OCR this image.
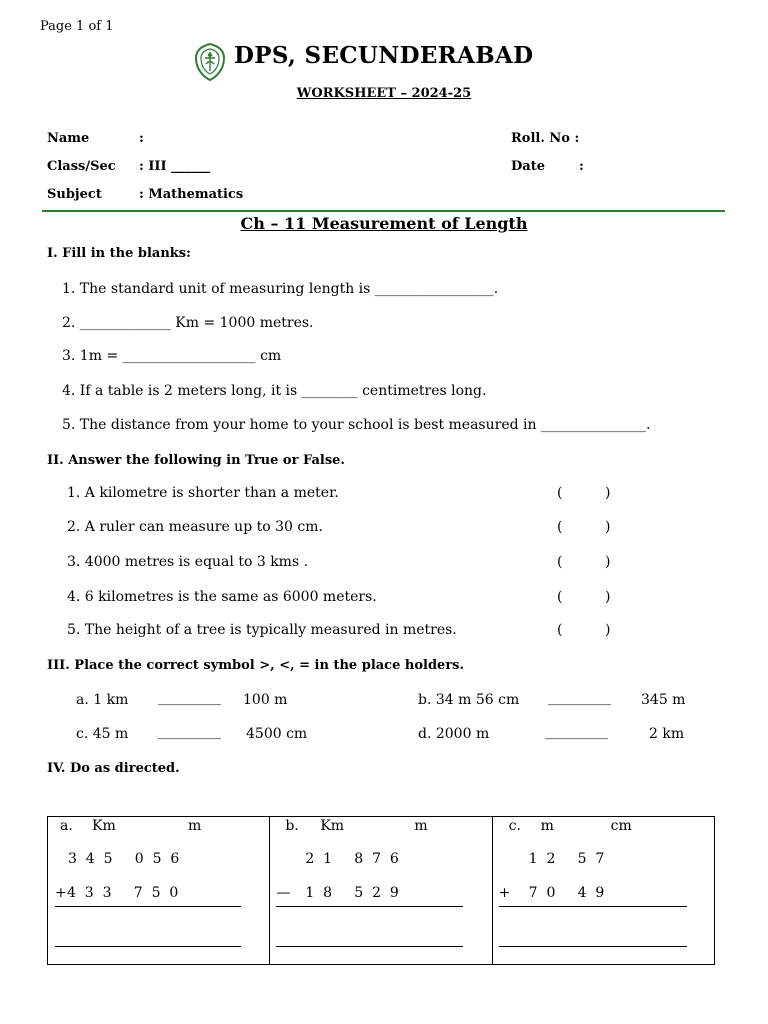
Page 1 of 1
DPS, SECUNDERABAD
WORKSHEET – 2024-25
Name	:	Roll. No :
Class/Sec : III ______	Date	:
Subject	: Mathematics
Ch – 11 Measurement of Length
I. Fill in the blanks:
1. The standard unit of measuring length is _________________.
2. _____________ Km = 1000 metres.
3. 1m = ___________________ cm
4. If a table is 2 meters long, it is ________ centimetres long.
5. The distance from your home to your school is best measured in _______________.
II. Answer the following in True or False.
1. A kilometre is shorter than a meter.	(	)
2. A ruler can measure up to 30 cm.	(	)
3. 4000 metres is equal to 3 kms .	(	)
4. 6 kilometres is the same as 6000 meters.	(	)
5. The height of a tree is typically measured in metres.	(	)
III. Place the correct symbol >, <, = in the place holders.
a. 1 km _________ 100 m	b. 34 m 56 cm _________ 345 m
c. 45 m _________ 4500 cm	d. 2000 m	_________	2 km
IV. Do as directed.
a. Km	m
3  4  5     0  5  6
+ 4  3  3     7  5  0

b. Km	m
2  1     8  7  6
— 1  8     5  2  9

c. m	cm
1  2     5  7
+ 7  0     4  9
